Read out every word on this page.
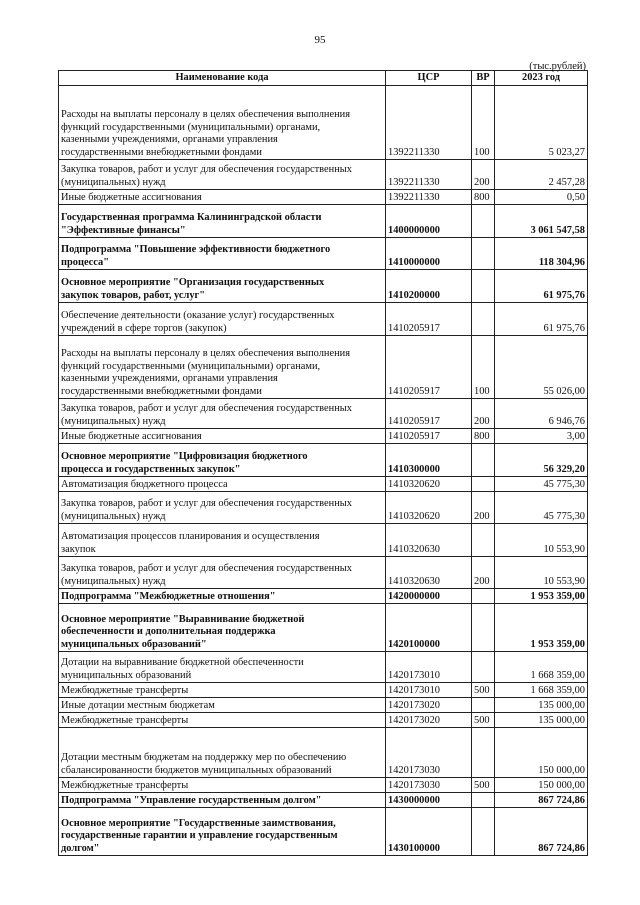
95
(тыс.рублей)
Наименование кода	ЦСР	ВР	2023 год

Расходы на выплаты персоналу в целях обеспечения выполнения
функций государственными (муниципальными) органами,
казенными учреждениями, органами управления
государственными внебюджетными фондами	1392211330	100	5 023,27

Закупка товаров, работ и услуг для обеспечения государственных
(муниципальных) нужд	1392211330	200	2 457,28
Иные бюджетные ассигнования	1392211330	800	0,50

Государственная программа Калининградской области
"Эффективные финансы"	1400000000		3 061 547,58

Подпрограмма "Повышение эффективности бюджетного
процесса"	1410000000		118 304,96

Основное мероприятие "Организация государственных
закупок товаров, работ, услуг"	1410200000		61 975,76

Обеспечение деятельности (оказание услуг) государственных
учреждений в сфере торгов (закупок)	1410205917		61 975,76

Расходы на выплаты персоналу в целях обеспечения выполнения
функций государственными (муниципальными) органами,
казенными учреждениями, органами управления
государственными внебюджетными фондами	1410205917	100	55 026,00

Закупка товаров, работ и услуг для обеспечения государственных
(муниципальных) нужд	1410205917	200	6 946,76
Иные бюджетные ассигнования	1410205917	800	3,00

Основное мероприятие "Цифровизация бюджетного
процесса и государственных закупок"	1410300000		56 329,20
Автоматизация бюджетного процесса	1410320620		45 775,30

Закупка товаров, работ и услуг для обеспечения государственных
(муниципальных) нужд	1410320620	200	45 775,30

Автоматизация процессов планирования и осуществления
закупок	1410320630		10 553,90

Закупка товаров, работ и услуг для обеспечения государственных
(муниципальных) нужд	1410320630	200	10 553,90
Подпрограмма "Межбюджетные отношения"	1420000000		1 953 359,00

Основное мероприятие "Выравнивание бюджетной
обеспеченности и дополнительная поддержка
муниципальных образований"	1420100000		1 953 359,00

Дотации на выравнивание бюджетной обеспеченности
муниципальных образований	1420173010		1 668 359,00
Межбюджетные трансферты	1420173010	500	1 668 359,00
Иные дотации местным бюджетам	1420173020		135 000,00
Межбюджетные трансферты	1420173020	500	135 000,00

Дотации местным бюджетам на поддержку мер по обеспечению
сбалансированности бюджетов муниципальных образований	1420173030		150 000,00
Межбюджетные трансферты	1420173030	500	150 000,00
Подпрограмма "Управление государственным долгом"	1430000000		867 724,86

Основное мероприятие "Государственные заимствования,
государственные гарантии и управление государственным
долгом"	1430100000		867 724,86
